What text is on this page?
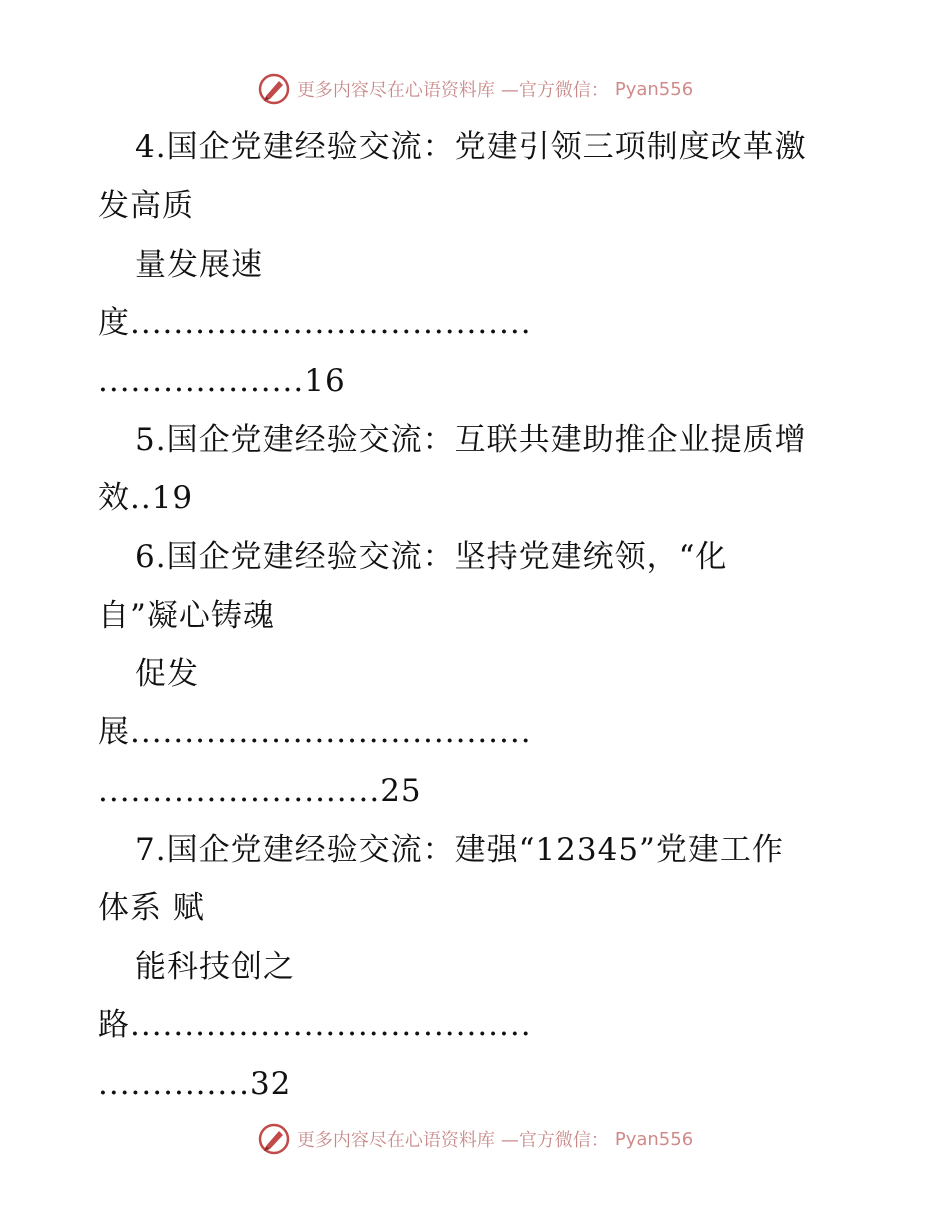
更多内容尽在心语资料库 —官方微信： Pyan556
4.国企党建经验交流：党建引领三项制度改革激
发高质
量发展速
度.....................................
...................16
5.国企党建经验交流：互联共建助推企业提质增
效..19
6.国企党建经验交流：坚持党建统领，“化
自”凝心铸魂
促发
展.....................................
..........................25
7.国企党建经验交流：建强“12345”党建工作
体系 赋
能科技创之
路.....................................
..............32
更多内容尽在心语资料库 —官方微信： Pyan556
